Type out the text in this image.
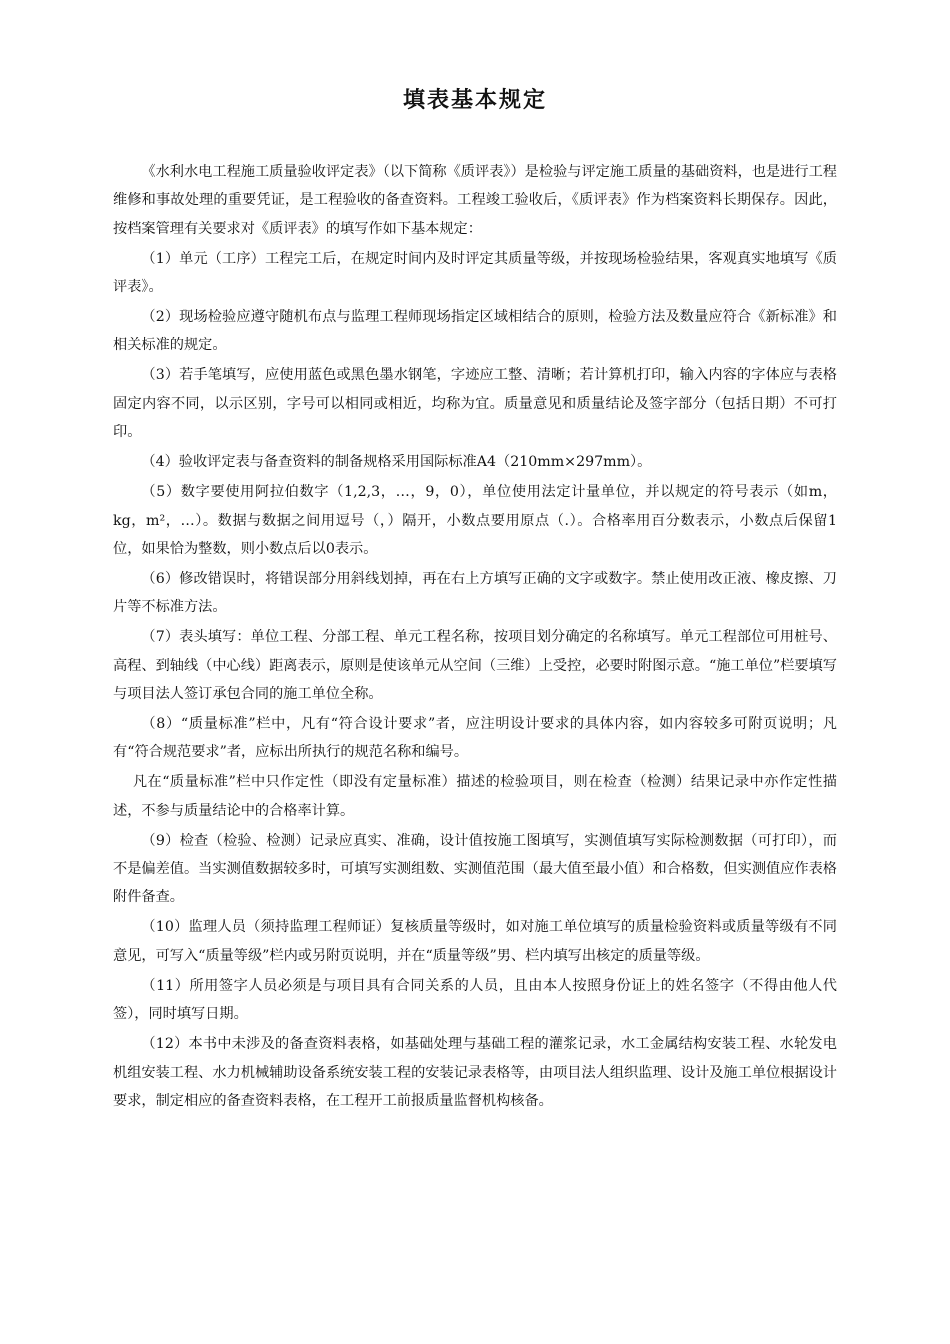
填表基本规定

《水利水电工程施工质量验收评定表》（以下简称《质评表》）是检验与评定施工质量的基础资料，也是进行工程维修和事故处理的重要凭证，是工程验收的备查资料。工程竣工验收后，《质评表》作为档案资料长期保存。因此，按档案管理有关要求对《质评表》的填写作如下基本规定：

（1）单元（工序）工程完工后，在规定时间内及时评定其质量等级，并按现场检验结果，客观真实地填写《质评表》。

（2）现场检验应遵守随机布点与监理工程师现场指定区域相结合的原则，检验方法及数量应符合《新标准》和相关标准的规定。

（3）若手笔填写，应使用蓝色或黑色墨水钢笔，字迹应工整、清晰；若计算机打印，输入内容的字体应与表格固定内容不同，以示区别，字号可以相同或相近，均称为宜。质量意见和质量结论及签字部分（包括日期）不可打印。

（4）验收评定表与备查资料的制备规格采用国际标准A4（210mm×297mm）。

（5）数字要使用阿拉伯数字（1,2,3，…，9，0），单位使用法定计量单位，并以规定的符号表示（如m，kg，m²，…）。数据与数据之间用逗号（，）隔开，小数点要用原点（.）。合格率用百分数表示，小数点后保留1位，如果恰为整数，则小数点后以0表示。

（6）修改错误时，将错误部分用斜线划掉，再在右上方填写正确的文字或数字。禁止使用改正液、橡皮擦、刀片等不标准方法。

（7）表头填写：单位工程、分部工程、单元工程名称，按项目划分确定的名称填写。单元工程部位可用桩号、高程、到轴线（中心线）距离表示，原则是使该单元从空间（三维）上受控，必要时附图示意。“施工单位”栏要填写与项目法人签订承包合同的施工单位全称。

（8）“质量标准”栏中，凡有“符合设计要求”者，应注明设计要求的具体内容，如内容较多可附页说明；凡有“符合规范要求”者，应标出所执行的规范名称和编号。

凡在“质量标准”栏中只作定性（即没有定量标准）描述的检验项目，则在检查（检测）结果记录中亦作定性描述，不参与质量结论中的合格率计算。

（9）检查（检验、检测）记录应真实、准确，设计值按施工图填写，实测值填写实际检测数据（可打印），而不是偏差值。当实测值数据较多时，可填写实测组数、实测值范围（最大值至最小值）和合格数，但实测值应作表格附件备查。

（10）监理人员（须持监理工程师证）复核质量等级时，如对施工单位填写的质量检验资料或质量等级有不同意见，可写入“质量等级”栏内或另附页说明，并在“质量等级”男、栏内填写出核定的质量等级。

（11）所用签字人员必须是与项目具有合同关系的人员，且由本人按照身份证上的姓名签字（不得由他人代签），同时填写日期。

（12）本书中未涉及的备查资料表格，如基础处理与基础工程的灌浆记录，水工金属结构安装工程、水轮发电机组安装工程、水力机械辅助设备系统安装工程的安装记录表格等，由项目法人组织监理、设计及施工单位根据设计要求，制定相应的备查资料表格，在工程开工前报质量监督机构核备。
